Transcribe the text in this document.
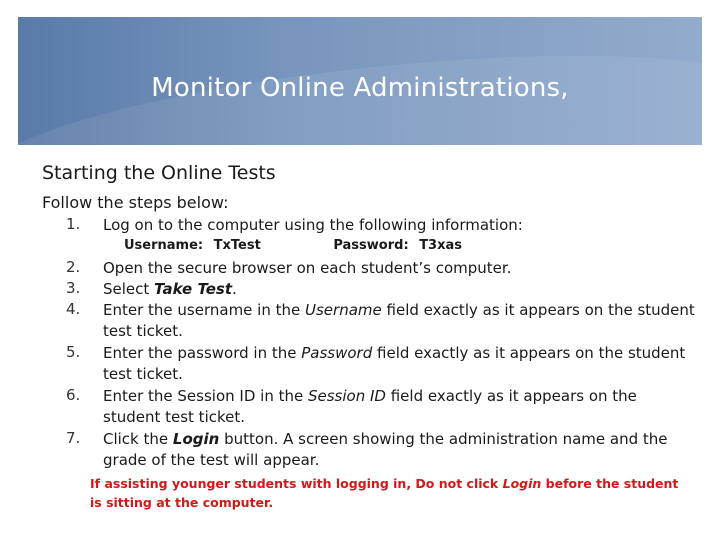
Monitor Online Administrations,
Starting the Online Tests
Follow the steps below:
1.	Log on to the computer using the following information:
Username: TxTest	Password: T3xas
2.	Open the secure browser on each student’s computer.
3.	Select Take Test.
4.	Enter the username in the Username field exactly as it appears on the student test ticket.
5.	Enter the password in the Password field exactly as it appears on the student test ticket.
6.	Enter the Session ID in the Session ID field exactly as it appears on the student test ticket.
7.	Click the Login button. A screen showing the administration name and the grade of the test will appear.
If assisting younger students with logging in, Do not click Login before the student is sitting at the computer.
